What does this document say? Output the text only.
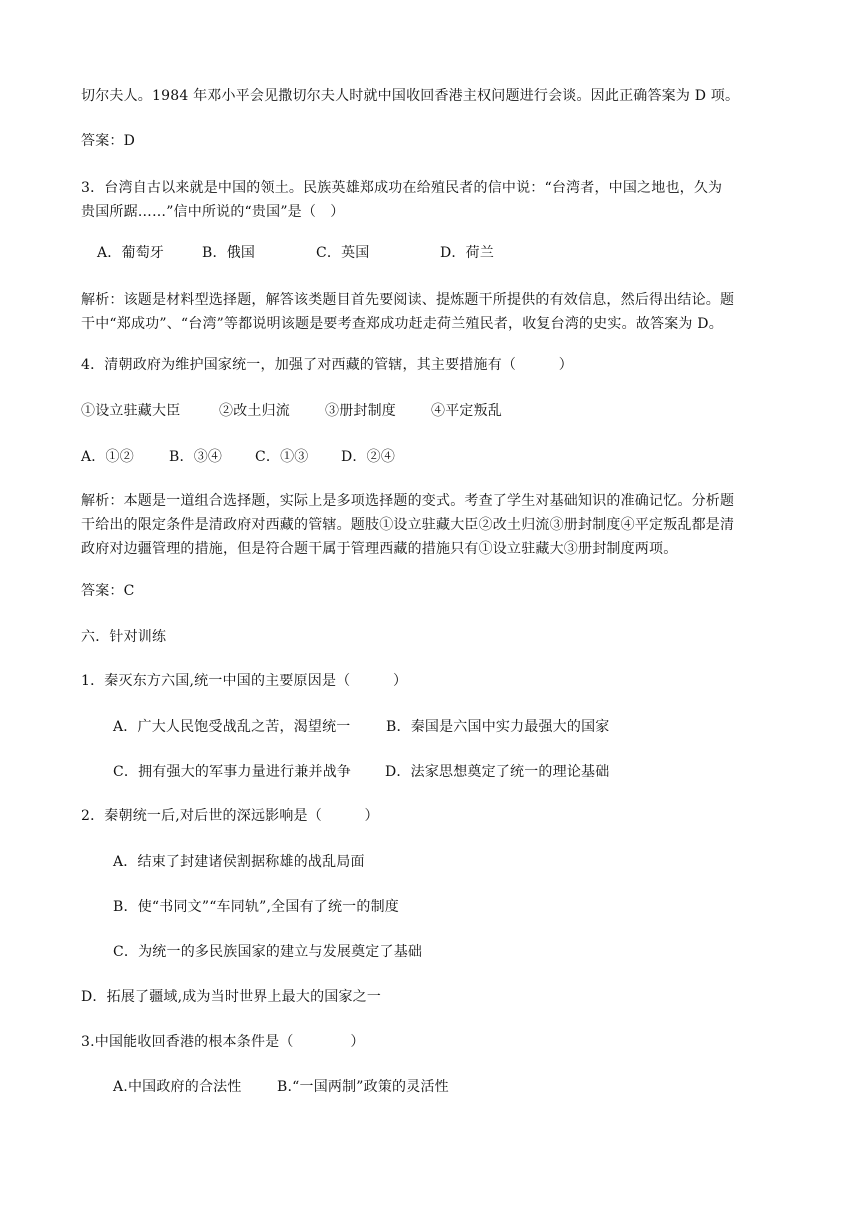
切尔夫人。1984 年邓小平会见撒切尔夫人时就中国收回香港主权问题进行会谈。因此正确答案为 D 项。
答案：D
3．台湾自古以来就是中国的领土。民族英雄郑成功在给殖民者的信中说：“台湾者，中国之地也，久为
贵国所踞……”信中所说的“贵国”是（　）
A．葡萄牙	B．俄国	C．英国	D．荷兰
解析：该题是材料型选择题，解答该类题目首先要阅读、提炼题干所提供的有效信息，然后得出结论。题
干中“郑成功”、“台湾”等都说明该题是要考查郑成功赶走荷兰殖民者，收复台湾的史实。故答案为 D。
4．清朝政府为维护国家统一，加强了对西藏的管辖，其主要措施有（　　　）
①设立驻藏大臣	②改土归流	③册封制度	④平定叛乱
A．①②	B．③④ C．①③ D．②④
解析：本题是一道组合选择题，实际上是多项选择题的变式。考查了学生对基础知识的准确记忆。分析题
干给出的限定条件是清政府对西藏的管辖。题肢①设立驻藏大臣②改土归流③册封制度④平定叛乱都是清
政府对边疆管理的措施，但是符合题干属于管理西藏的措施只有①设立驻藏大③册封制度两项。
答案：C
六．针对训练
1．秦灭东方六国,统一中国的主要原因是（　　　）
A．广大人民饱受战乱之苦，渴望统一	B．秦国是六国中实力最强大的国家
C．拥有强大的军事力量进行兼并战争 D．法家思想奠定了统一的理论基础
2．秦朝统一后,对后世的深远影响是（　　　）
A．结束了封建诸侯割据称雄的战乱局面
B．使“书同文”“车同轨”,全国有了统一的制度
C．为统一的多民族国家的建立与发展奠定了基础
D．拓展了疆域,成为当时世界上最大的国家之一
3.中国能收回香港的根本条件是（　　　　）
A.中国政府的合法性	B.“一国两制”政策的灵活性
